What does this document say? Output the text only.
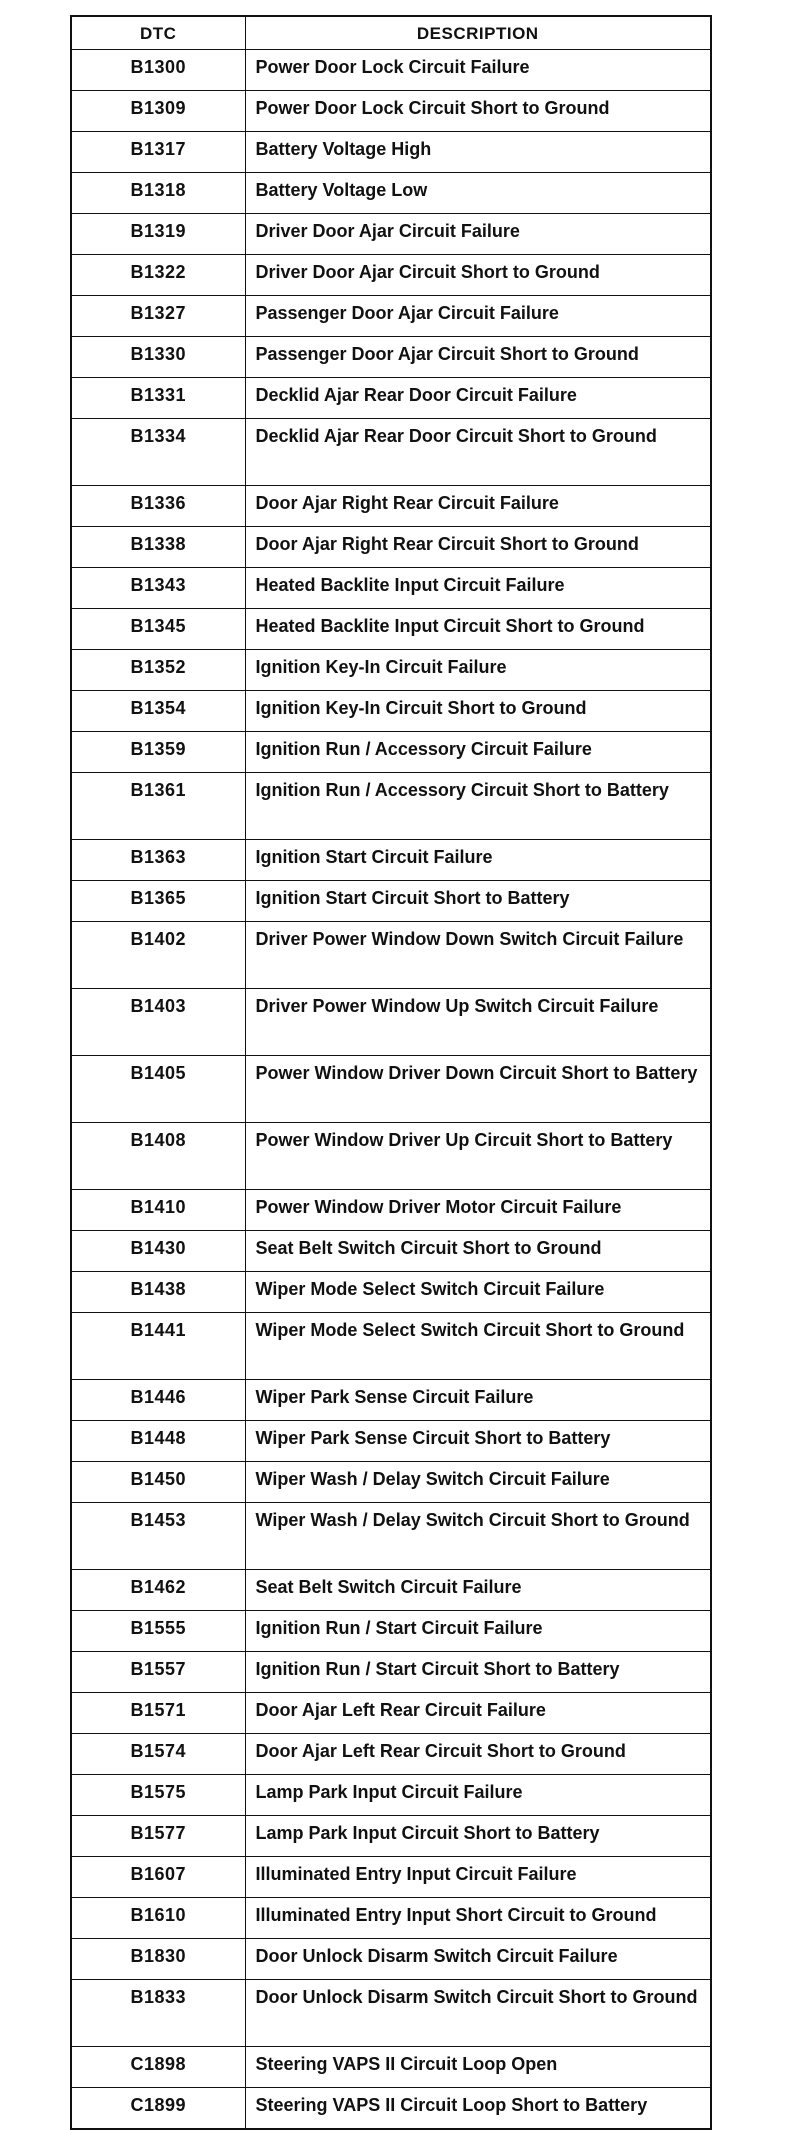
DTC	DESCRIPTION
B1300	Power Door Lock Circuit Failure
B1309	Power Door Lock Circuit Short to Ground
B1317	Battery Voltage High
B1318	Battery Voltage Low
B1319	Driver Door Ajar Circuit Failure
B1322	Driver Door Ajar Circuit Short to Ground
B1327	Passenger Door Ajar Circuit Failure
B1330	Passenger Door Ajar Circuit Short to Ground
B1331	Decklid Ajar Rear Door Circuit Failure
B1334	Decklid Ajar Rear Door Circuit Short to Ground
B1336	Door Ajar Right Rear Circuit Failure
B1338	Door Ajar Right Rear Circuit Short to Ground
B1343	Heated Backlite Input Circuit Failure
B1345	Heated Backlite Input Circuit Short to Ground
B1352	Ignition Key-In Circuit Failure
B1354	Ignition Key-In Circuit Short to Ground
B1359	Ignition Run / Accessory Circuit Failure
B1361	Ignition Run / Accessory Circuit Short to Battery
B1363	Ignition Start Circuit Failure
B1365	Ignition Start Circuit Short to Battery
B1402	Driver Power Window Down Switch Circuit Failure
B1403	Driver Power Window Up Switch Circuit Failure
B1405	Power Window Driver Down Circuit Short to Battery
B1408	Power Window Driver Up Circuit Short to Battery
B1410	Power Window Driver Motor Circuit Failure
B1430	Seat Belt Switch Circuit Short to Ground
B1438	Wiper Mode Select Switch Circuit Failure
B1441	Wiper Mode Select Switch Circuit Short to Ground
B1446	Wiper Park Sense Circuit Failure
B1448	Wiper Park Sense Circuit Short to Battery
B1450	Wiper Wash / Delay Switch Circuit Failure
B1453	Wiper Wash / Delay Switch Circuit Short to Ground
B1462	Seat Belt Switch Circuit Failure
B1555	Ignition Run / Start Circuit Failure
B1557	Ignition Run / Start Circuit Short to Battery
B1571	Door Ajar Left Rear Circuit Failure
B1574	Door Ajar Left Rear Circuit Short to Ground
B1575	Lamp Park Input Circuit Failure
B1577	Lamp Park Input Circuit Short to Battery
B1607	Illuminated Entry Input Circuit Failure
B1610	Illuminated Entry Input Short Circuit to Ground
B1830	Door Unlock Disarm Switch Circuit Failure
B1833	Door Unlock Disarm Switch Circuit Short to Ground
C1898	Steering VAPS II Circuit Loop Open
C1899	Steering VAPS II Circuit Loop Short to Battery
